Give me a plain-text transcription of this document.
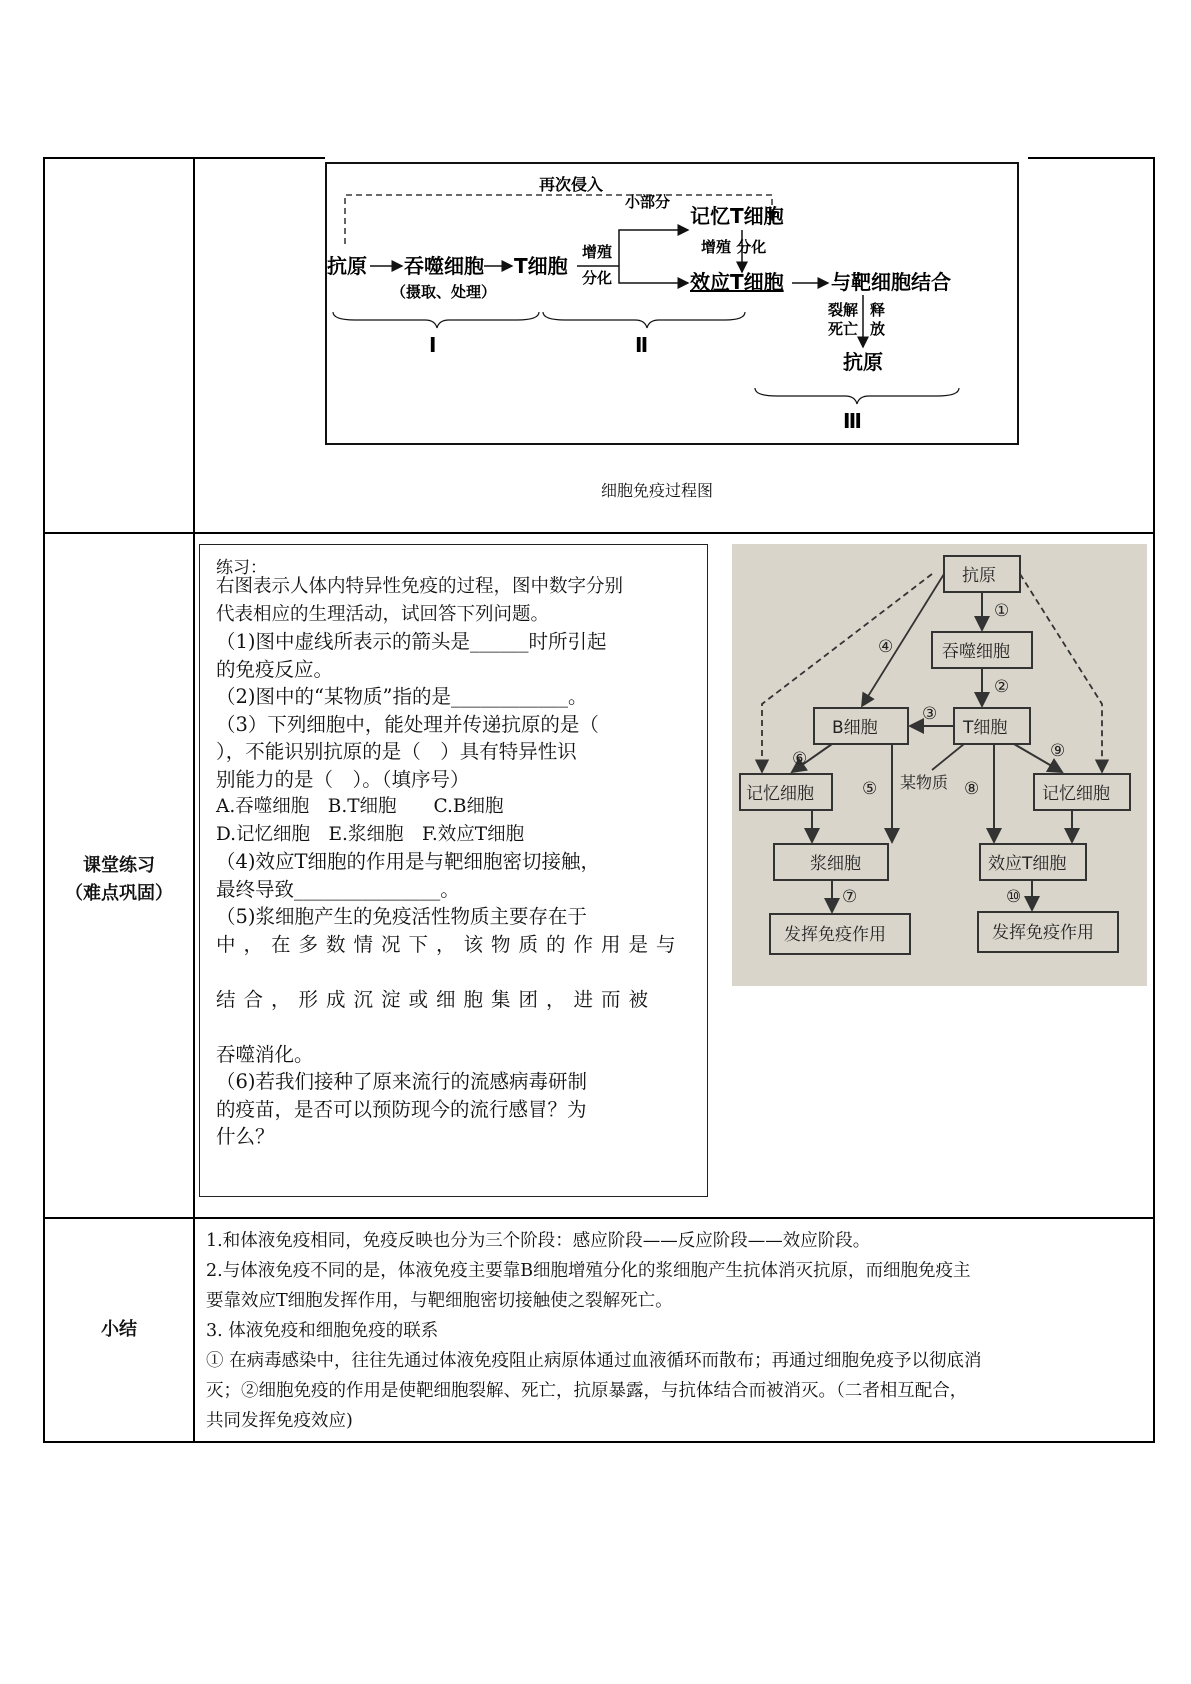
再次侵入
抗原 吞噬细胞
（摄取、处理）
T细胞
增殖
分化
小部分
记忆T细胞
增殖 分化
效应T细胞 与靶细胞结合
裂解
死亡
释
放
抗原
Ⅰ	Ⅱ
Ⅲ
细胞免疫过程图
课堂练习
（难点巩固）
练习：
右图表示人体内特异性免疫的过程，图中数字分别
代表相应的生理活动，试回答下列问题。
（1)图中虚线所表示的箭头是______时所引起
的免疫反应。
（2)图中的“某物质”指的是____________。
（3）下列细胞中，能处理并传递抗原的是（
），不能识别抗原的是（　）具有特异性识
别能力的是（　）。（填序号）
A.吞噬细胞　B.T细胞　　C.B细胞
D.记忆细胞　E.浆细胞　F.效应T细胞
（4)效应T细胞的作用是与靶细胞密切接触，
最终导致_______________。
（5)浆细胞产生的免疫活性物质主要存在于
中，在多数情况下，该物质的作用是与

结合，形成沉淀或细胞集团，进而被

吞噬消化。
（6)若我们接种了原来流行的流感病毒研制
的疫苗，是否可以预防现今的流行感冒？为
什么？
抗原
吞噬细胞
B细胞	T细胞
记忆细胞	记忆细胞
某物质
浆细胞	效应T细胞
发挥免疫作用	发挥免疫作用
①
②
③
④
⑤
⑥
⑦
⑧
⑨
⑩
小结
1.和体液免疫相同，免疫反映也分为三个阶段：感应阶段——反应阶段——效应阶段。
2.与体液免疫不同的是，体液免疫主要靠B细胞增殖分化的浆细胞产生抗体消灭抗原，而细胞免疫主
要靠效应T细胞发挥作用，与靶细胞密切接触使之裂解死亡。
3. 体液免疫和细胞免疫的联系
① 在病毒感染中，往往先通过体液免疫阻止病原体通过血液循环而散布；再通过细胞免疫予以彻底消
灭；②细胞免疫的作用是使靶细胞裂解、死亡，抗原暴露，与抗体结合而被消灭。（二者相互配合，
共同发挥免疫效应)
